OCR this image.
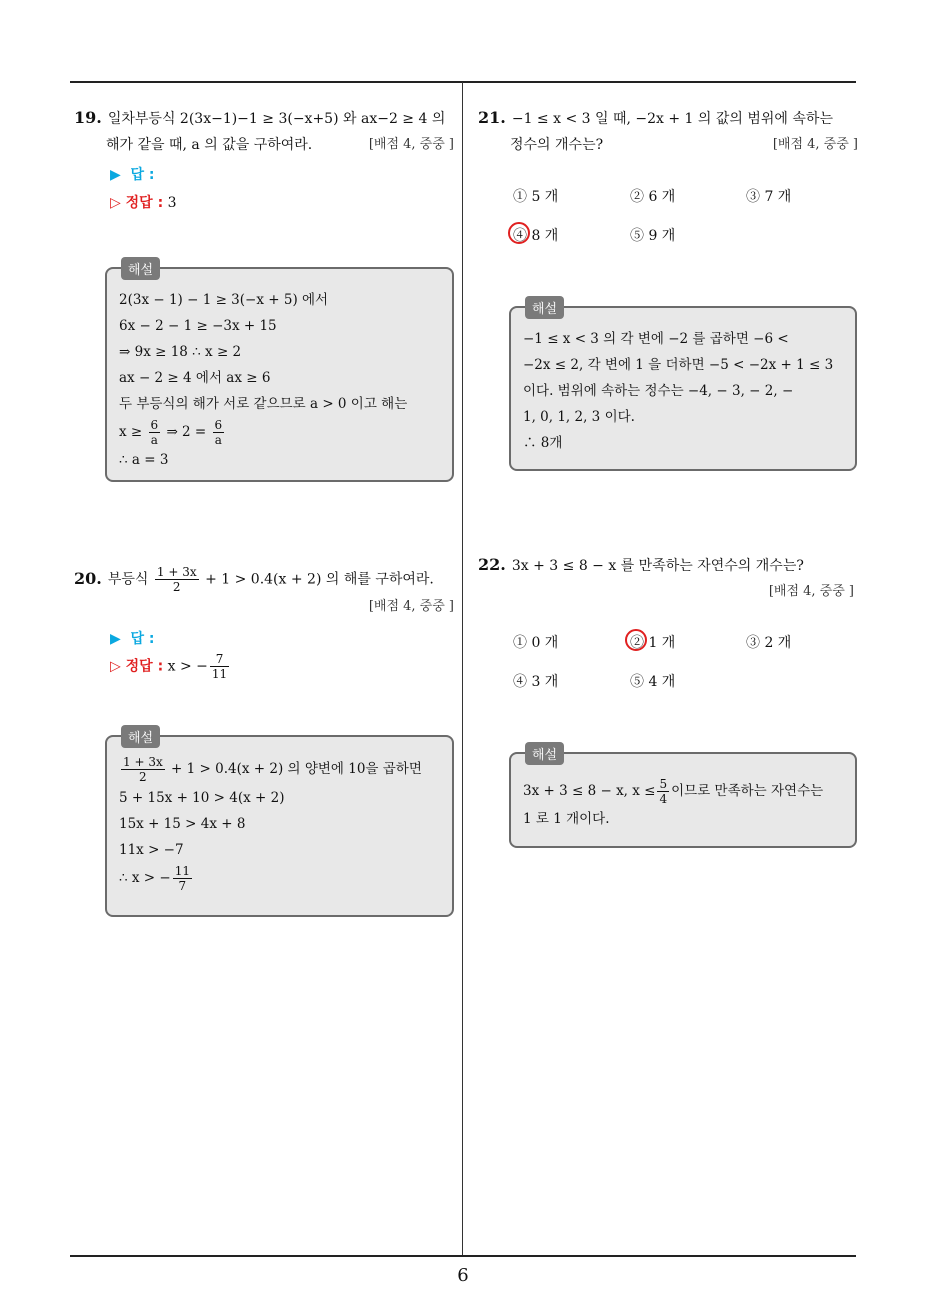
6
19. 일차부등식 2(3x−1)−1 ≥ 3(−x+5) 와 ax−2 ≥ 4 의
해가 같을 때, a 의 값을 구하여라.	[배점 4, 중중 ]
▶  답 :
▷ 정답 : 3
해설
2(3x − 1) − 1 ≥ 3(−x + 5) 에서
6x − 2 − 1 ≥ −3x + 15
⇒ 9x ≥ 18 ∴ x ≥ 2
ax − 2 ≥ 4 에서 ax ≥ 6
두 부등식의 해가 서로 같으므로 a > 0 이고 해는
$x \ge \frac{6}{a}$ ⇒ $2 = \frac{6}{a}$
∴ a = 3
20. 부등식 $\frac{1 + 3x}{2} + 1 > 0.4(x + 2)$ 의 해를 구하여라.
[배점 4, 중중 ]
▶  답 :
▷ 정답 : x > − $\frac{7}{11}$
해설
$\frac{1 + 3x}{2} + 1 > 0.4(x + 2)$ 의 양변에 10을 곱하면
5 + 15x + 10 > 4(x + 2)
15x + 15 > 4x + 8
11x > −7
∴ x > − $\frac{11}{7}$
21. −1 ≤ x < 3 일 때, −2x + 1 의 값의 범위에 속하는
정수의 개수는?	[배점 4, 중중 ]
① 5 개	② 6 개	③ 7 개
④ 8 개	⑤ 9 개
해설
−1 ≤ x < 3 의 각 변에 −2 를 곱하면 −6 <
−2x ≤ 2, 각 변에 1 을 더하면 −5 < −2x + 1 ≤ 3
이다. 범위에 속하는 정수는 −4, − 3, − 2, −
1, 0, 1, 2, 3 이다.
∴ 8개
22. 3x + 3 ≤ 8 − x 를 만족하는 자연수의 개수는?
[배점 4, 중중 ]
① 0 개	② 1 개	③ 2 개
④ 3 개	⑤ 4 개
해설
3x + 3 ≤ 8 − x, $x \le \frac{5}{4}$ 이므로 만족하는 자연수는
1 로 1 개이다.
